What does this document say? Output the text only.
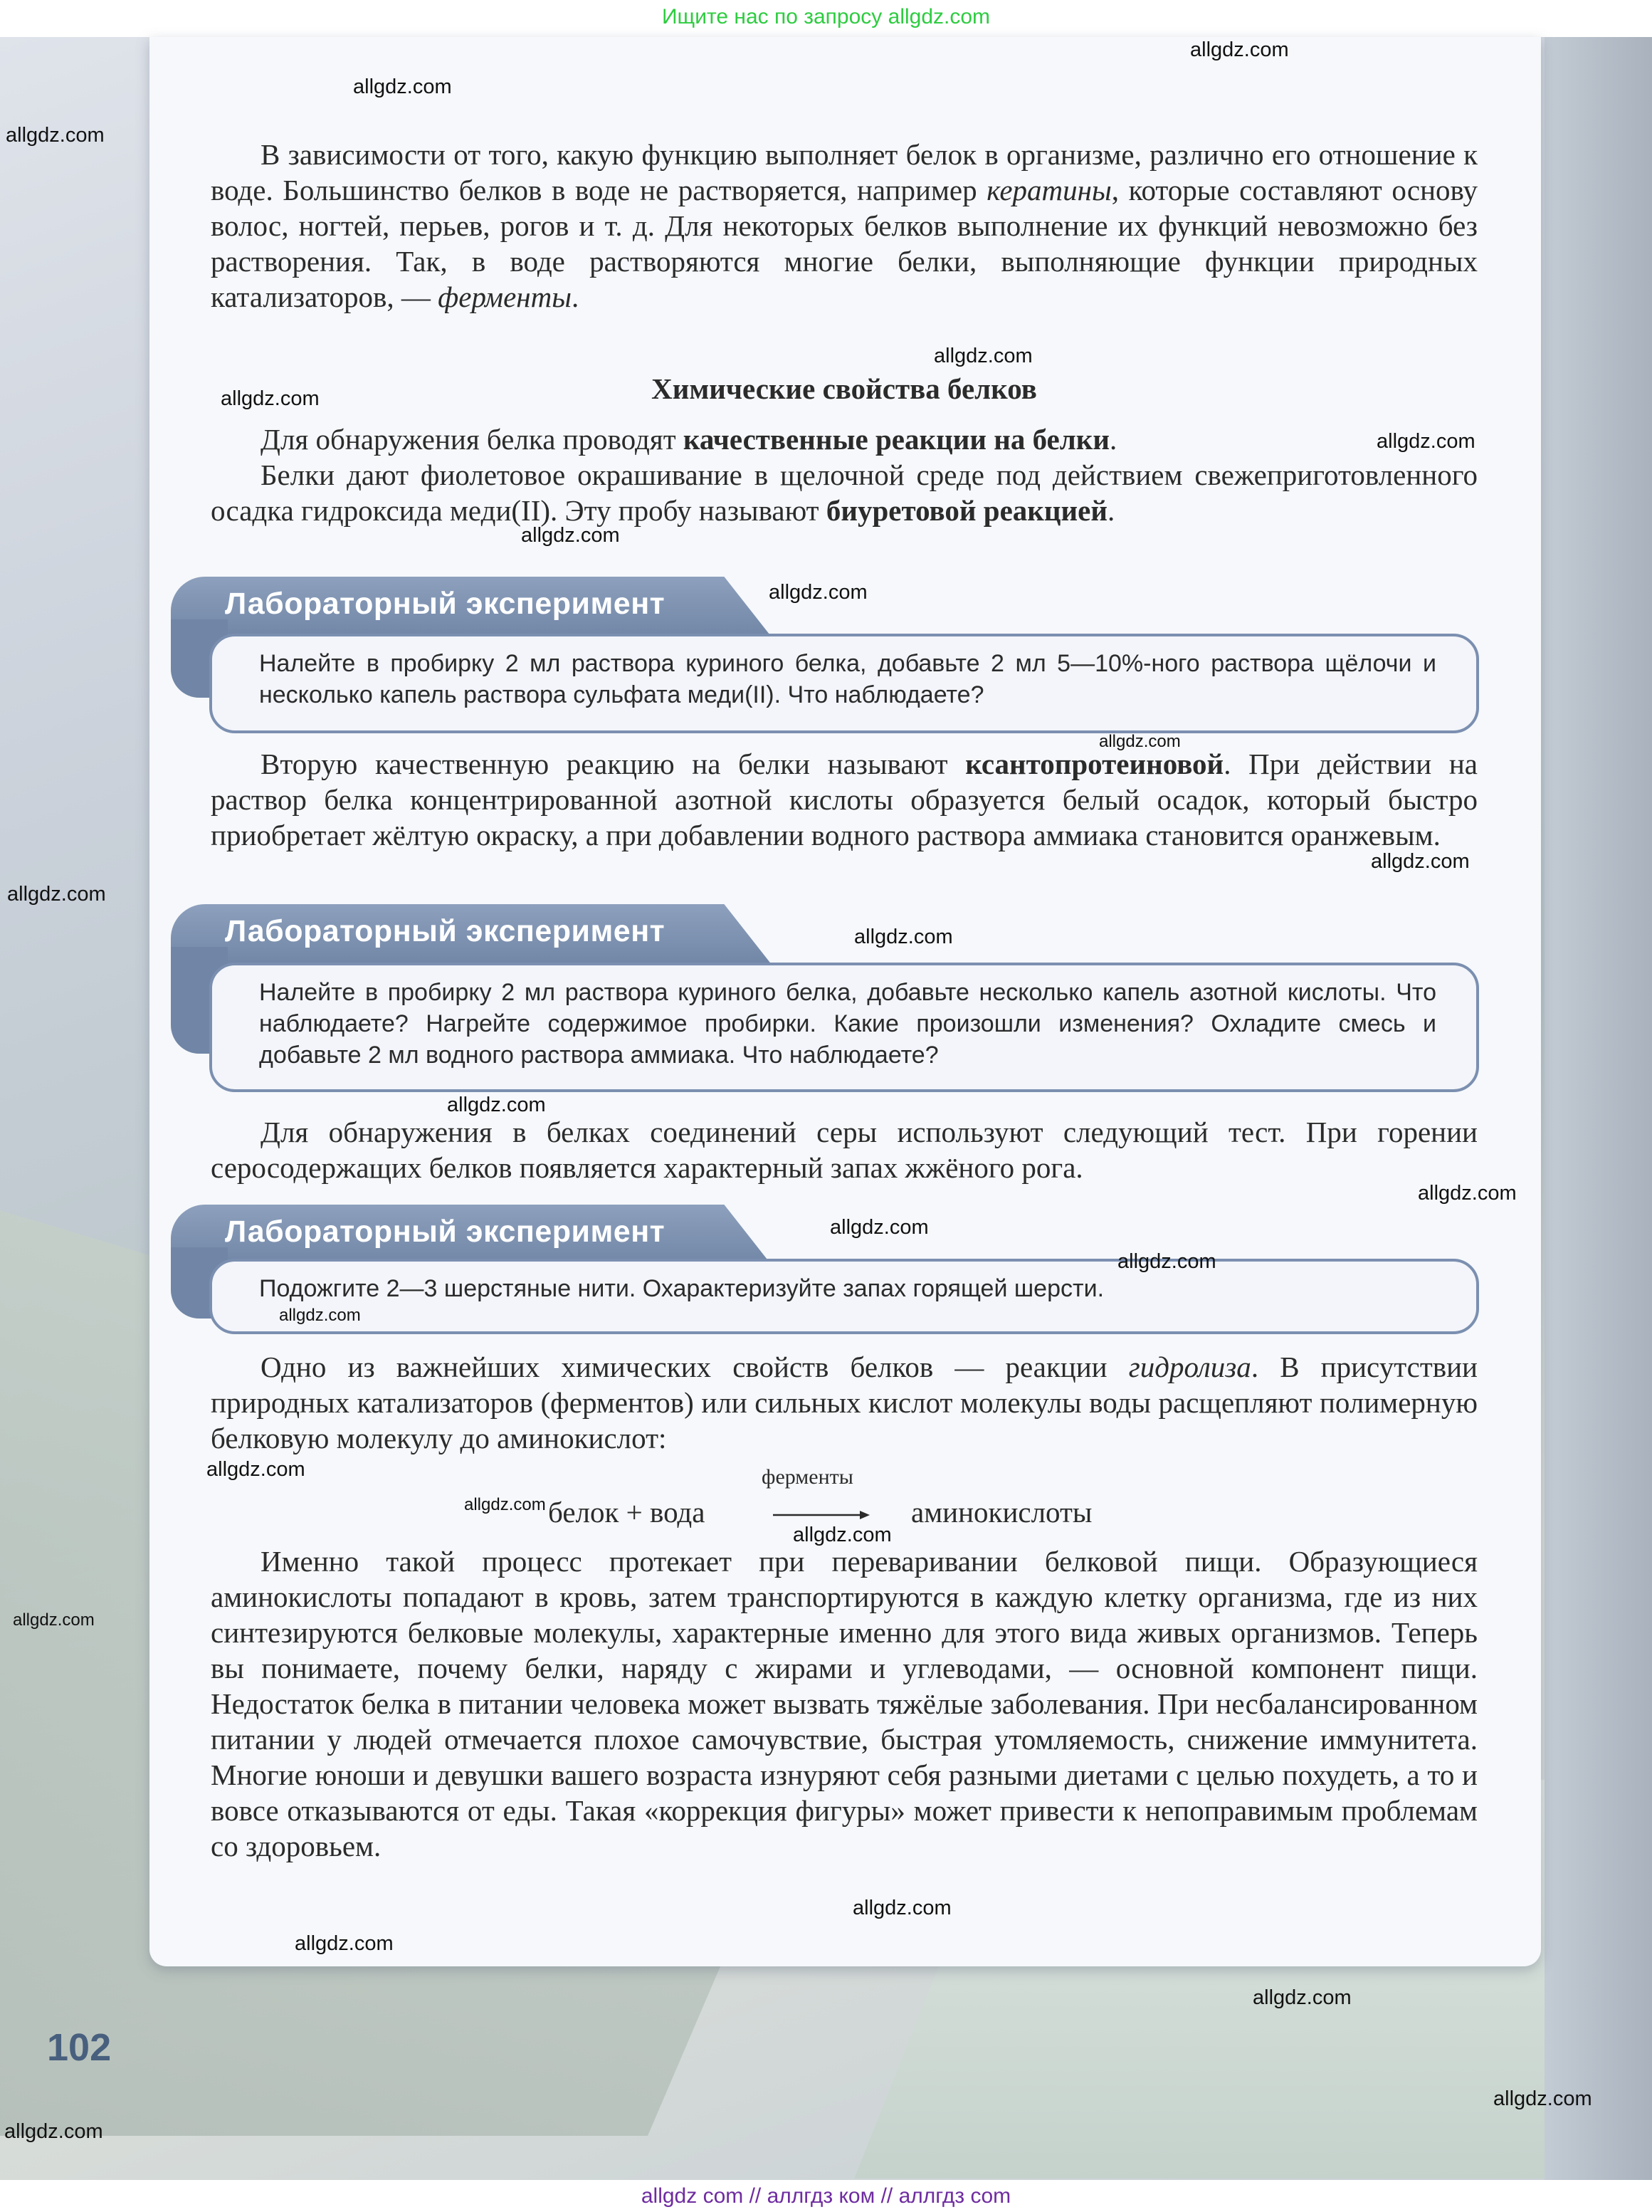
Ищите нас по запросу allgdz.com

В зависимости от того, какую функцию выполняет белок в организме, различно его отношение к воде. Большинство белков в воде не растворяется, например кератины, которые составляют основу волос, ногтей, перьев, рогов и т. д. Для некоторых белков выполнение их функций невозможно без растворения. Так, в воде растворяются многие белки, выполняющие функции природных катализаторов, — ферменты.

Химические свойства белков

Для обнаружения белка проводят качественные реакции на белки.

Белки дают фиолетовое окрашивание в щелочной среде под действием свежеприготовленного осадка гидроксида меди(II). Эту пробу называют биуретовой реакцией.

Лабораторный эксперимент
Налейте в пробирку 2 мл раствора куриного белка, добавьте 2 мл 5—10%-ного раствора щёлочи и несколько капель раствора сульфата меди(II). Что наблюдаете?

Вторую качественную реакцию на белки называют ксантопротеиновой. При действии на раствор белка концентрированной азотной кислоты образуется белый осадок, который быстро приобретает жёлтую окраску, а при добавлении водного раствора аммиака становится оранжевым.

Лабораторный эксперимент
Налейте в пробирку 2 мл раствора куриного белка, добавьте несколько капель азотной кислоты. Что наблюдаете? Нагрейте содержимое пробирки. Какие произошли изменения? Охладите смесь и добавьте 2 мл водного раствора аммиака. Что наблюдаете?

Для обнаружения в белках соединений серы используют следующий тест. При горении серосодержащих белков появляется характерный запах жжёного рога.

Лабораторный эксперимент
Подожгите 2—3 шерстяные нити. Охарактеризуйте запах горящей шерсти.

Одно из важнейших химических свойств белков — реакции гидролиза. В присутствии природных катализаторов (ферментов) или сильных кислот молекулы воды расщепляют полимерную белковую молекулу до аминокислот:

белок + вода
ферменты
→ аминокислоты

Именно такой процесс протекает при переваривании белковой пищи. Образующиеся аминокислоты попадают в кровь, затем транспортируются в каждую клетку организма, где из них синтезируются белковые молекулы, характерные именно для этого вида живых организмов. Теперь вы понимаете, почему белки, наряду с жирами и углеводами, — основной компонент пищи. Недостаток белка в питании человека может вызвать тяжёлые заболевания. При несбалансированном питании у людей отмечается плохое самочувствие, быстрая утомляемость, снижение иммунитета. Многие юноши и девушки вашего возраста изнуряют себя разными диетами с целью похудеть, а то и вовсе отказываются от еды. Такая «коррекция фигуры» может привести к непоправимым проблемам со здоровьем.

102
allgdz.com
allgdz.com
allgdz.com
allgdz.com
allgdz.com
allgdz.com
allgdz.com
allgdz.com
allgdz.com
allgdz.com
allgdz.com
allgdz.com
allgdz.com
allgdz.com
allgdz.com
allgdz.com
allgdz.com
allgdz.com
allgdz.com
allgdz.com
allgdz.com
allgdz.com
allgdz.com
allgdz.com
allgdz.com
allgdz.com
allgdz com // аллгдз ком // аллгдз com
